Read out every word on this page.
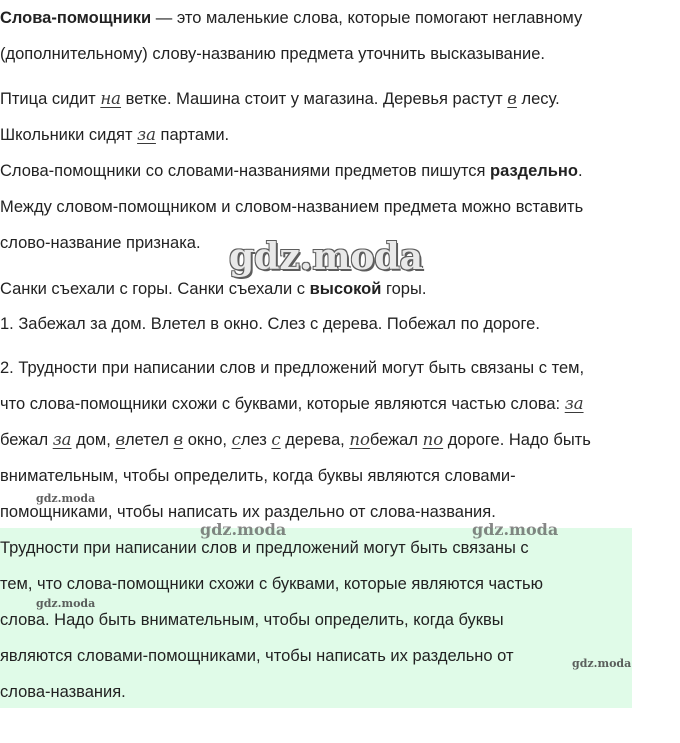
Слова-помощники — это маленькие слова, которые помогают неглавному
(дополнительному) слову-названию предмета уточнить высказывание.
Птица сидит на ветке. Машина стоит у магазина. Деревья растут в лесу.
Школьники сидят за партами.
Слова-помощники со словами-названиями предметов пишутся раздельно.
Между словом-помощником и словом-названием предмета можно вставить
слово-название признака.
Санки съехали с горы. Санки съехали с высокой горы.
1. Забежал за дом. Влетел в окно. Слез с дерева. Побежал по дороге.
2. Трудности при написании слов и предложений могут быть связаны с тем,
что слова-помощники схожи с буквами, которые являются частью слова: за
бежал за дом, влетел в окно, слез с дерева, побежал по дороге. Надо быть
внимательным, чтобы определить, когда буквы являются словами-
помощниками, чтобы написать их раздельно от слова-названия.
Трудности при написании слов и предложений могут быть связаны с
тем, что слова-помощники схожи с буквами, которые являются частью
слова. Надо быть внимательным, чтобы определить, когда буквы
являются словами-помощниками, чтобы написать их раздельно от
слова-названия.
gdz.moda
gdz.moda
gdz.moda	gdz.moda
gdz.moda
gdz.moda
